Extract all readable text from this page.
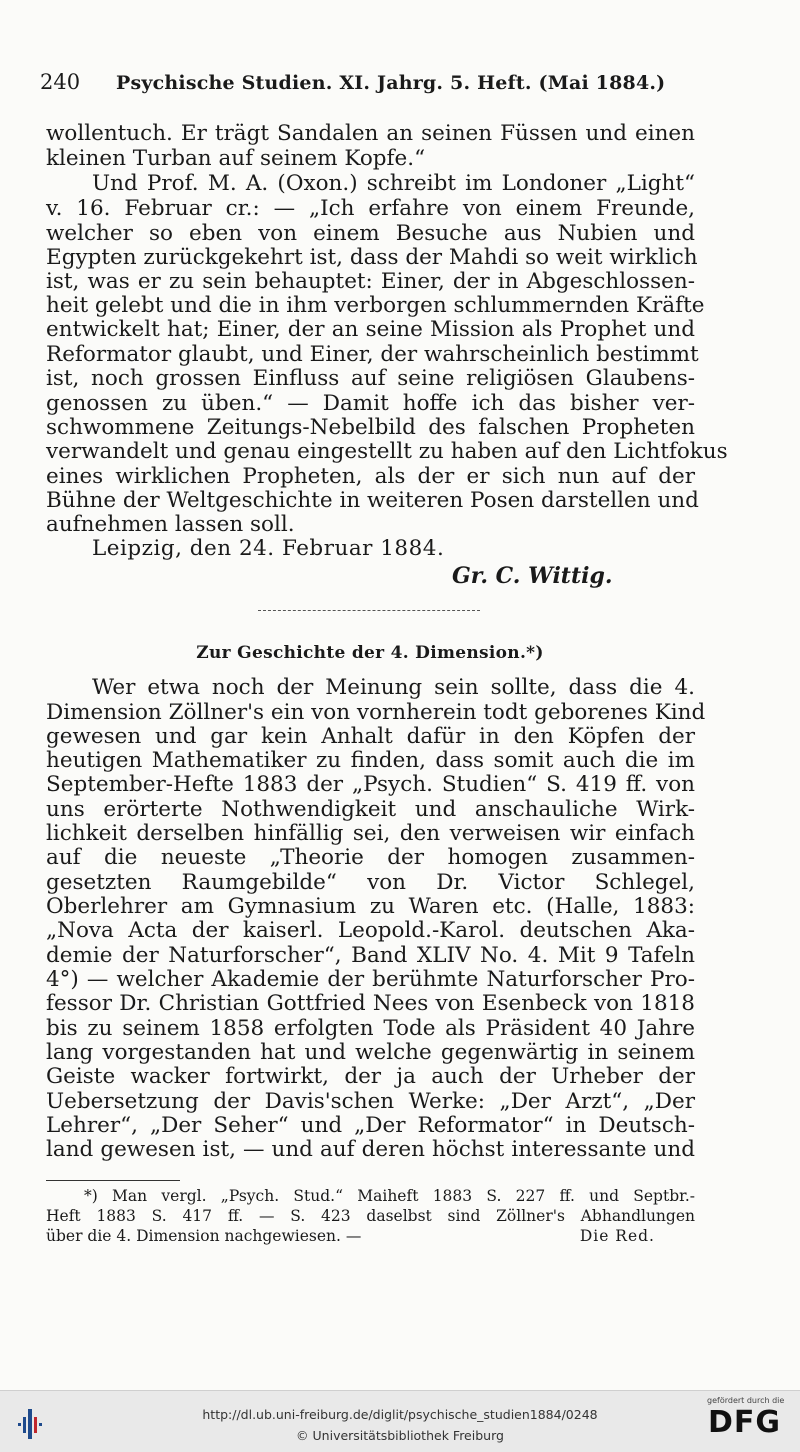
240 Psychische Studien. XI. Jahrg. 5. Heft. (Mai 1884.)
wollentuch. Er trägt Sandalen an seinen Füssen und einen
kleinen Turban auf seinem Kopfe.“
Und Prof. M. A. (Oxon.) schreibt im Londoner „Light“
v. 16. Februar cr.: — „Ich erfahre von einem Freunde,
welcher so eben von einem Besuche aus Nubien und
Egypten zurückgekehrt ist, dass der Mahdi so weit wirklich
ist, was er zu sein behauptet: Einer, der in Abgeschlossen-
heit gelebt und die in ihm verborgen schlummernden Kräfte
entwickelt hat; Einer, der an seine Mission als Prophet und
Reformator glaubt, und Einer, der wahrscheinlich bestimmt
ist, noch grossen Einfluss auf seine religiösen Glaubens-
genossen zu üben.“ — Damit hoffe ich das bisher ver-
schwommene Zeitungs-Nebelbild des falschen Propheten
verwandelt und genau eingestellt zu haben auf den Lichtfokus
eines wirklichen Propheten, als der er sich nun auf der
Bühne der Weltgeschichte in weiteren Posen darstellen und
aufnehmen lassen soll.
Leipzig, den 24. Februar 1884.
Gr. C. Wittig.
Zur Geschichte der 4. Dimension.*)
Wer etwa noch der Meinung sein sollte, dass die 4.
Dimension Zöllner's ein von vornherein todt geborenes Kind
gewesen und gar kein Anhalt dafür in den Köpfen der
heutigen Mathematiker zu finden, dass somit auch die im
September-Hefte 1883 der „Psych. Studien“ S. 419 ff. von
uns erörterte Nothwendigkeit und anschauliche Wirk-
lichkeit derselben hinfällig sei, den verweisen wir einfach
auf die neueste „Theorie der homogen zusammen-
gesetzten Raumgebilde“ von Dr. Victor Schlegel,
Oberlehrer am Gymnasium zu Waren etc. (Halle, 1883:
„Nova Acta der kaiserl. Leopold.-Karol. deutschen Aka-
demie der Naturforscher“, Band XLIV No. 4. Mit 9 Tafeln
4°) — welcher Akademie der berühmte Naturforscher Pro-
fessor Dr. Christian Gottfried Nees von Esenbeck von 1818
bis zu seinem 1858 erfolgten Tode als Präsident 40 Jahre
lang vorgestanden hat und welche gegenwärtig in seinem
Geiste wacker fortwirkt, der ja auch der Urheber der
Uebersetzung der Davis'schen Werke: „Der Arzt“, „Der
Lehrer“, „Der Seher“ und „Der Reformator“ in Deutsch-
land gewesen ist, — und auf deren höchst interessante und
*) Man vergl. „Psych. Stud.“ Maiheft 1883 S. 227 ff. und Septbr.-
Heft 1883 S. 417 ff. — S. 423 daselbst sind Zöllner's Abhandlungen
über die 4. Dimension nachgewiesen. —	Die Red.
http://dl.ub.uni-freiburg.de/diglit/psychische_studien1884/0248
© Universitätsbibliothek Freiburg
gefördert durch die
DFG
